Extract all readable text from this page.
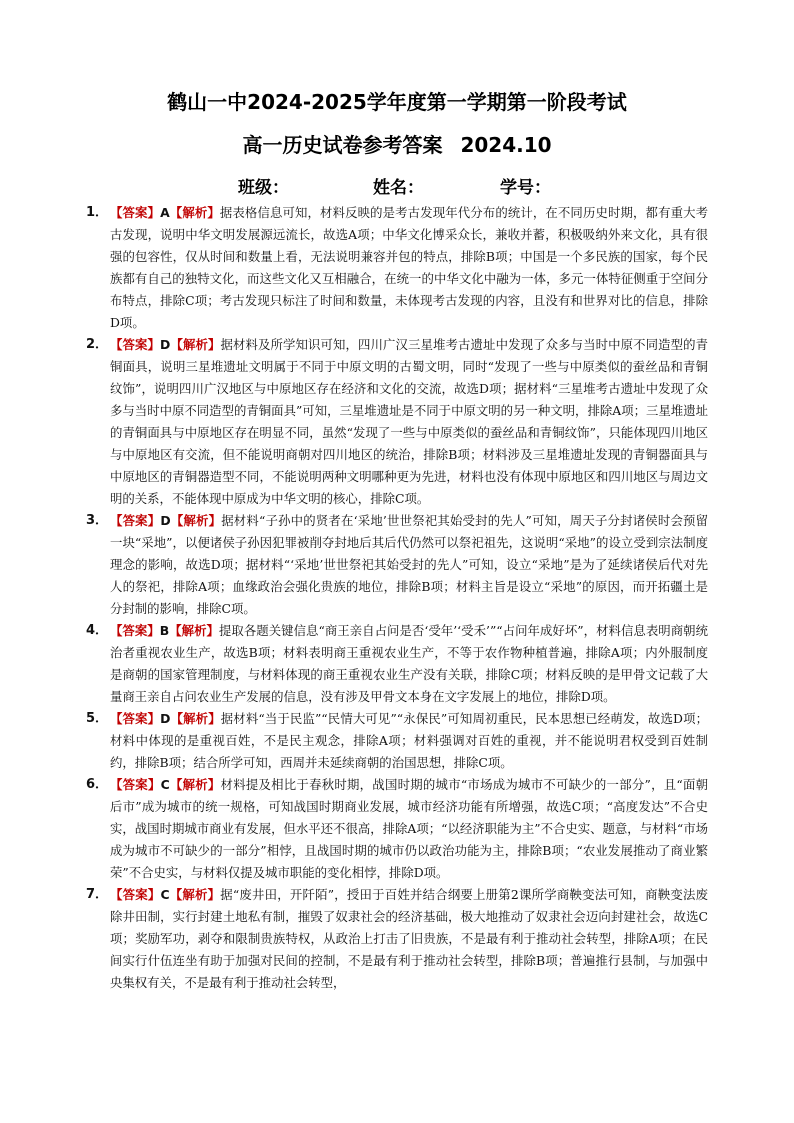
鹤山一中2024-2025学年度第一学期第一阶段考试
高一历史试卷参考答案 2024.10
班级：	姓名：	学号：

1． 【答案】A【解析】据表格信息可知，材料反映的是考古发现年代分布的统计，在不同历史时期，都有重大考古发现，说明中华文明发展源远流长，故选A项；中华文化博采众长，兼收并蓄，积极吸纳外来文化，具有很强的包容性，仅从时间和数量上看，无法说明兼容并包的特点，排除B项；中国是一个多民族的国家，每个民族都有自己的独特文化，而这些文化又互相融合，在统一的中华文化中融为一体，多元一体特征侧重于空间分布特点，排除C项；考古发现只标注了时间和数量，未体现考古发现的内容，且没有和世界对比的信息，排除D项。

2． 【答案】D【解析】据材料及所学知识可知，四川广汉三星堆考古遗址中发现了众多与当时中原不同造型的青铜面具，说明三星堆遗址文明属于不同于中原文明的古蜀文明，同时“发现了一些与中原类似的蚕丝品和青铜纹饰”，说明四川广汉地区与中原地区存在经济和文化的交流，故选D项；据材料“三星堆考古遗址中发现了众多与当时中原不同造型的青铜面具”可知，三星堆遗址是不同于中原文明的另一种文明，排除A项；三星堆遗址的青铜面具与中原地区存在明显不同，虽然“发现了一些与中原类似的蚕丝品和青铜纹饰”，只能体现四川地区与中原地区有交流，但不能说明商朝对四川地区的统治，排除B项；材料涉及三星堆遗址发现的青铜器面具与中原地区的青铜器造型不同，不能说明两种文明哪种更为先进，材料也没有体现中原地区和四川地区与周边文明的关系，不能体现中原成为中华文明的核心，排除C项。

3． 【答案】D【解析】据材料“子孙中的贤者在‘采地’世世祭祀其始受封的先人”可知，周天子分封诸侯时会预留一块“采地”，以便诸侯子孙因犯罪被削夺封地后其后代仍然可以祭祀祖先，这说明“采地”的设立受到宗法制度理念的影响，故选D项；据材料“‘采地’世世祭祀其始受封的先人”可知，设立“采地”是为了延续诸侯后代对先人的祭祀，排除A项；血缘政治会强化贵族的地位，排除B项；材料主旨是设立“采地”的原因，而开拓疆土是分封制的影响，排除C项。

4． 【答案】B【解析】提取各题关键信息“商王亲自占问是否‘受年’‘受禾’”“占问年成好坏”，材料信息表明商朝统治者重视农业生产，故选B项；材料表明商王重视农业生产，不等于农作物种植普遍，排除A项；内外服制度是商朝的国家管理制度，与材料体现的商王重视农业生产没有关联，排除C项；材料反映的是甲骨文记载了大量商王亲自占问农业生产发展的信息，没有涉及甲骨文本身在文字发展上的地位，排除D项。

5． 【答案】D【解析】据材料“当于民监”“民情大可见”“永保民”可知周初重民，民本思想已经萌发，故选D项；材料中体现的是重视百姓，不是民主观念，排除A项；材料强调对百姓的重视，并不能说明君权受到百姓制约，排除B项；结合所学可知，西周并未延续商朝的治国思想，排除C项。

6． 【答案】C【解析】材料提及相比于春秋时期，战国时期的城市“市场成为城市不可缺少的一部分”，且“面朝后市”成为城市的统一规格，可知战国时期商业发展，城市经济功能有所增强，故选C项；“高度发达”不合史实，战国时期城市商业有发展，但水平还不很高，排除A项；“以经济职能为主”不合史实、题意，与材料“市场成为城市不可缺少的一部分”相悖，且战国时期的城市仍以政治功能为主，排除B项；“农业发展推动了商业繁荣”不合史实，与材料仅提及城市职能的变化相悖，排除D项。

7． 【答案】C【解析】据“废井田，开阡陌”，授田于百姓并结合纲要上册第2课所学商鞅变法可知，商鞅变法废除井田制，实行封建土地私有制，摧毁了奴隶社会的经济基础，极大地推动了奴隶社会迈向封建社会，故选C项；奖励军功，剥夺和限制贵族特权，从政治上打击了旧贵族，不是最有利于推动社会转型，排除A项；在民间实行什伍连坐有助于加强对民间的控制，不是最有利于推动社会转型，排除B项；普遍推行县制，与加强中央集权有关，不是最有利于推动社会转型，
